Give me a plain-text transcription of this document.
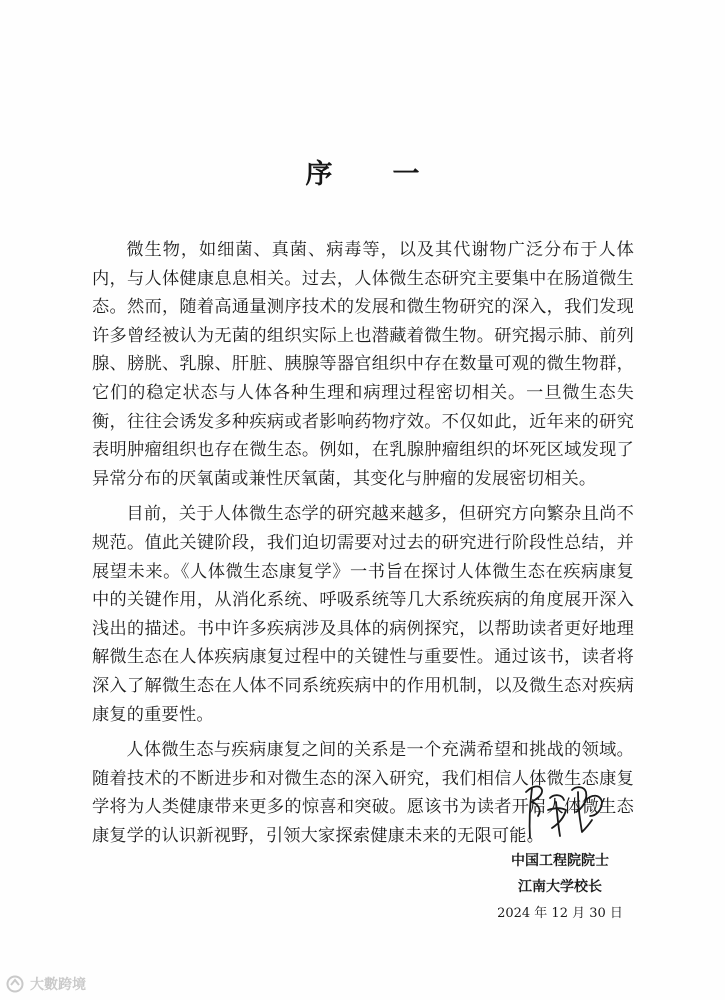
序 一

微生物，如细菌、真菌、病毒等，以及其代谢物广泛分布于人体内，与人体健康息息相关。过去，人体微生态研究主要集中在肠道微生态。然而，随着高通量测序技术的发展和微生物研究的深入，我们发现许多曾经被认为无菌的组织实际上也潜藏着微生物。研究揭示肺、前列腺、膀胱、乳腺、肝脏、胰腺等器官组织中存在数量可观的微生物群，它们的稳定状态与人体各种生理和病理过程密切相关。一旦微生态失衡，往往会诱发多种疾病或者影响药物疗效。不仅如此，近年来的研究表明肿瘤组织也存在微生态。例如，在乳腺肿瘤组织的坏死区域发现了异常分布的厌氧菌或兼性厌氧菌，其变化与肿瘤的发展密切相关。

目前，关于人体微生态学的研究越来越多，但研究方向繁杂且尚不规范。值此关键阶段，我们迫切需要对过去的研究进行阶段性总结，并展望未来。《人体微生态康复学》一书旨在探讨人体微生态在疾病康复中的关键作用，从消化系统、呼吸系统等几大系统疾病的角度展开深入浅出的描述。书中许多疾病涉及具体的病例探究，以帮助读者更好地理解微生态在人体疾病康复过程中的关键性与重要性。通过该书，读者将深入了解微生态在人体不同系统疾病中的作用机制，以及微生态对疾病康复的重要性。

人体微生态与疾病康复之间的关系是一个充满希望和挑战的领域。随着技术的不断进步和对微生态的深入研究，我们相信人体微生态康复学将为人类健康带来更多的惊喜和突破。愿该书为读者开启人体微生态康复学的认识新视野，引领大家探索健康未来的无限可能。

中国工程院院士
江南大学校长
2024 年 12 月 30 日
大數跨境
